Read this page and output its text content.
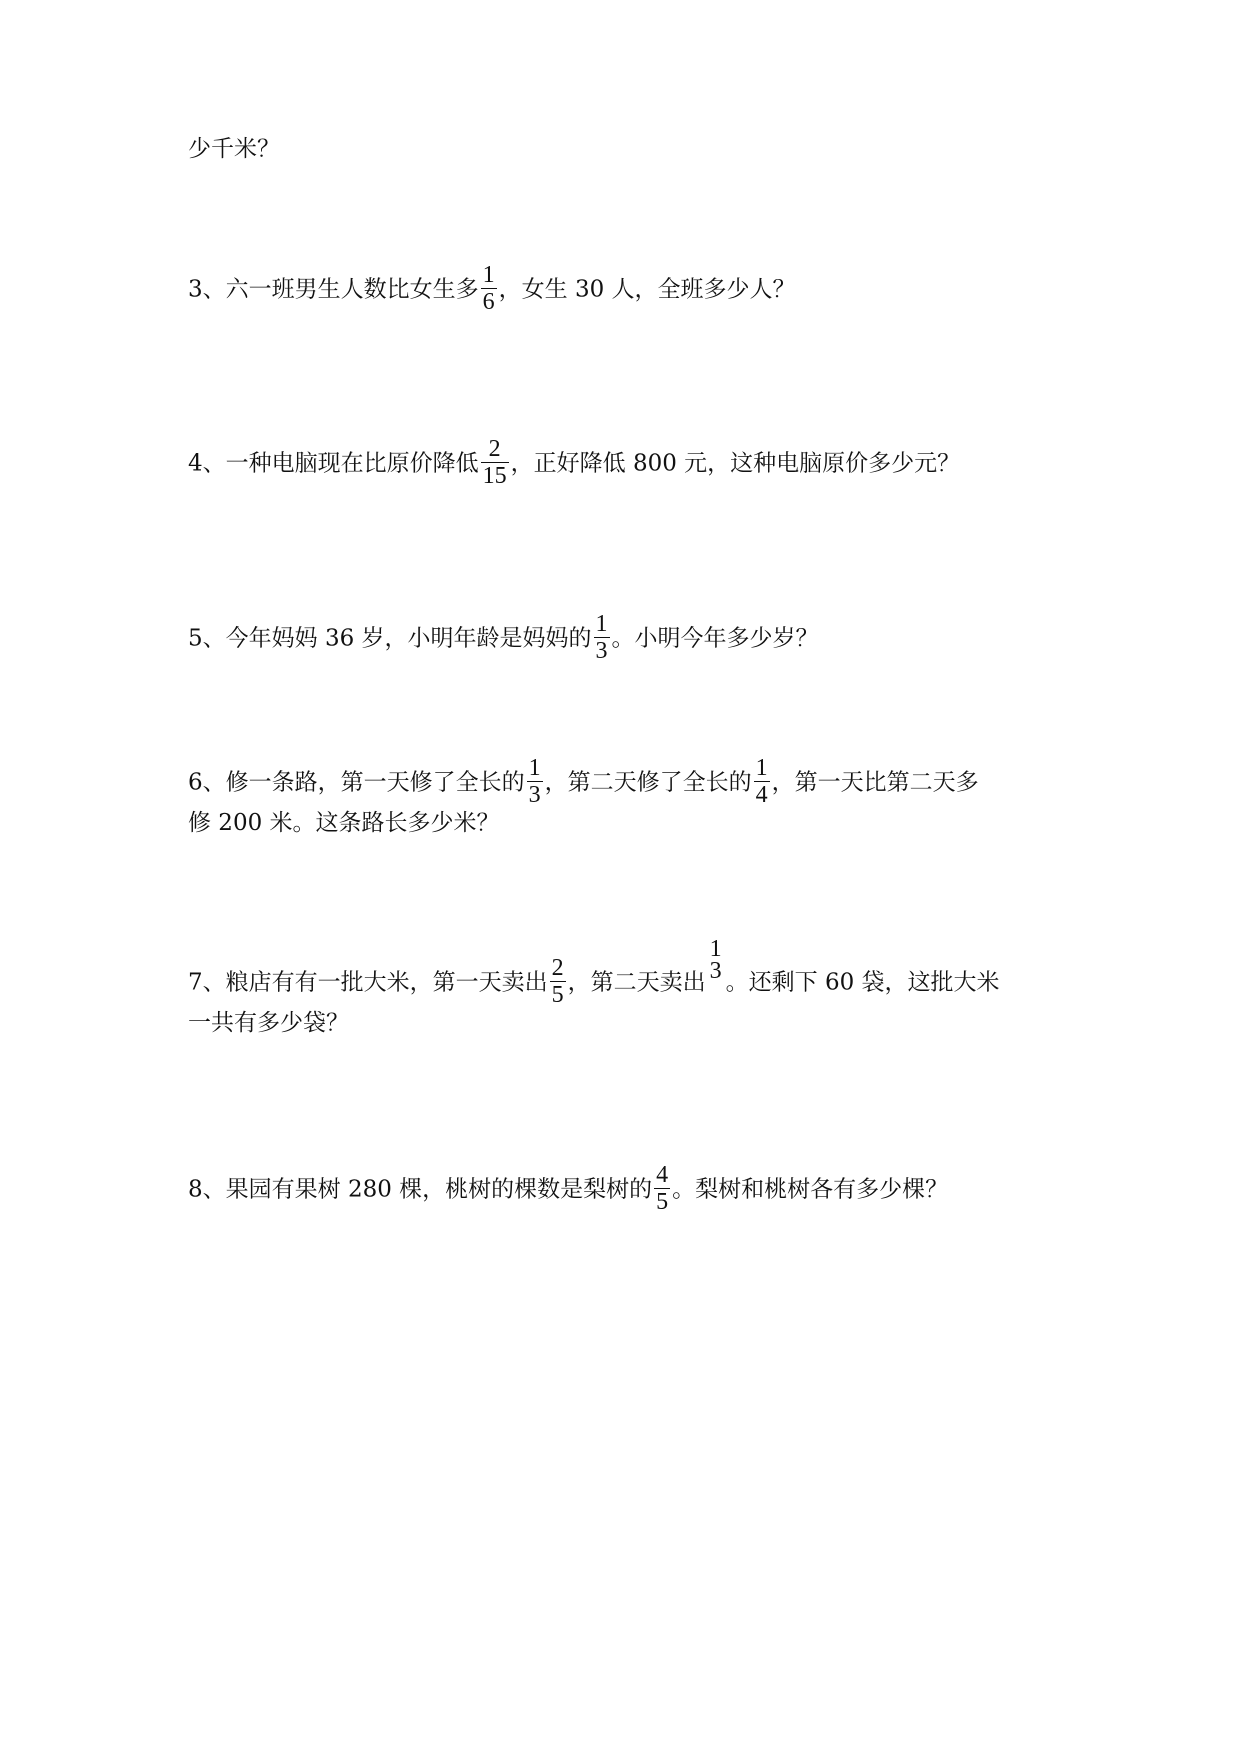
少千米？
3、六一班男生人数比女生多 $\frac{1}{6}$ ，女生 30 人，全班多少人？
4、一种电脑现在比原价降低 $\frac{2}{15}$ ，正好降低 800 元，这种电脑原价多少元？
5、今年妈妈 36 岁，小明年龄是妈妈的 $\frac{1}{3}$ 。小明今年多少岁？
6、修一条路，第一天修了全长的 $\frac{1}{3}$ ，第二天修了全长的 $\frac{1}{4}$ ，第一天比第二天多
修 200 米。这条路长多少米？
7、粮店有有一批大米，第一天卖出 $\frac{2}{5}$ ，第二天卖出
1
3 。还剩下 60 袋，这批大米
一共有多少袋？
8、果园有果树 280 棵，桃树的棵数是梨树的 $\frac{4}{5}$ 。梨树和桃树各有多少棵？
